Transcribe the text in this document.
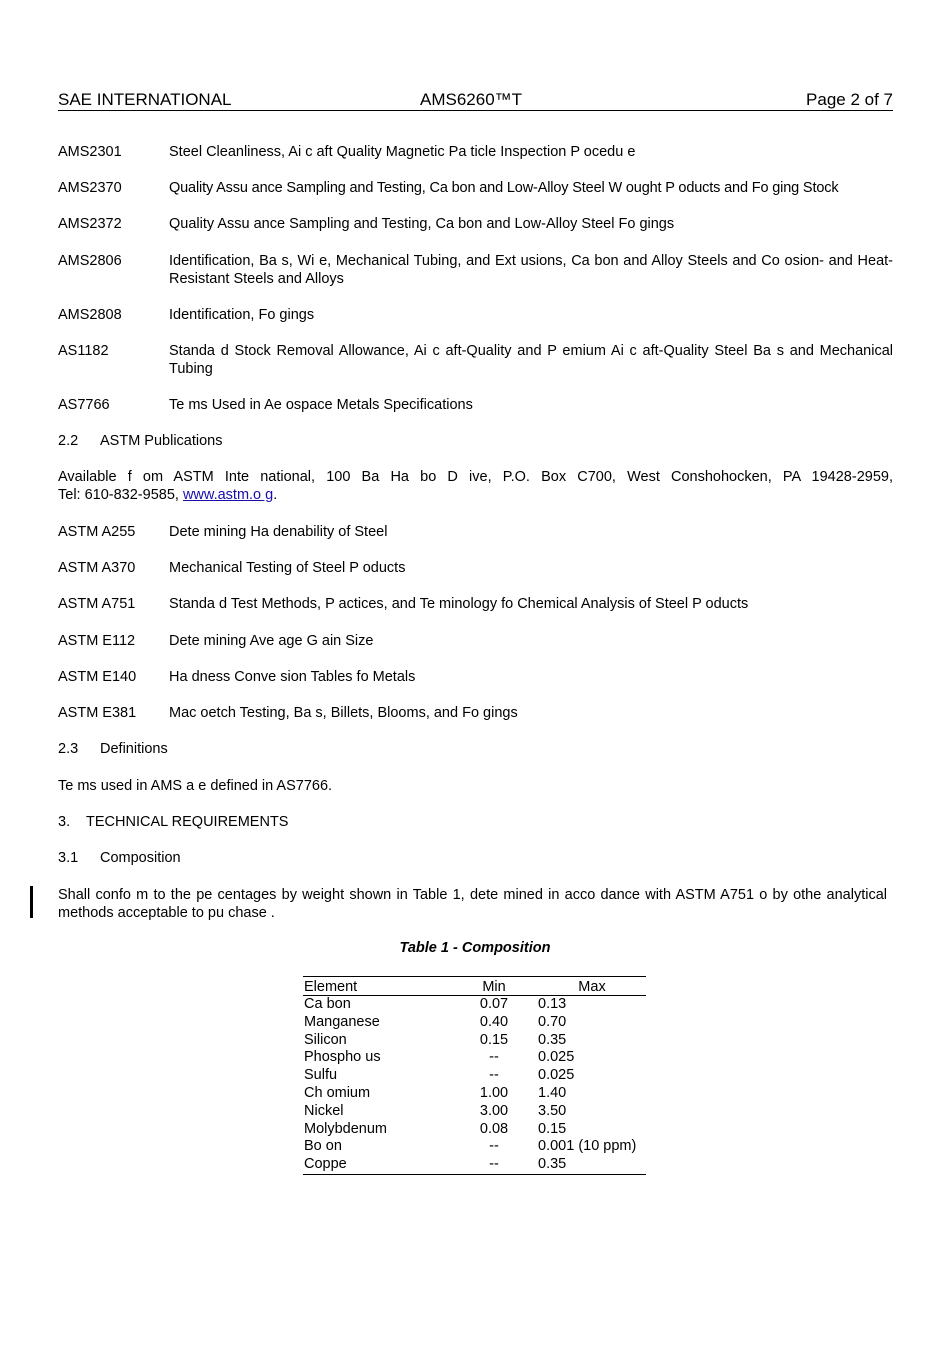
SAE INTERNATIONAL	AMS6260™T	Page 2 of 7
AMS2301	Steel Cleanliness, Ai c aft Quality Magnetic Pa ticle Inspection P ocedu e
AMS2370	Quality Assu ance Sampling and Testing, Ca bon and Low-Alloy Steel W ought P oducts and Fo ging Stock
AMS2372	Quality Assu ance Sampling and Testing, Ca bon and Low-Alloy Steel Fo gings
AMS2806	Identification, Ba s, Wi e, Mechanical Tubing, and Ext usions, Ca bon and Alloy Steels and Co osion- and Heat-Resistant Steels and Alloys
AMS2808	Identification, Fo gings
AS1182	Standa d Stock Removal Allowance, Ai c aft-Quality and P emium Ai c aft-Quality Steel Ba s and Mechanical Tubing
AS7766	Te ms Used in Ae ospace Metals Specifications
2.2 ASTM Publications
Available f om ASTM Inte national, 100 Ba Ha bo D ive, P.O. Box C700, West Conshohocken, PA 19428-2959,
Tel: 610-832-9585, www.astm.o g.
ASTM A255	Dete mining Ha denability of Steel
ASTM A370	Mechanical Testing of Steel P oducts
ASTM A751	Standa d Test Methods, P actices, and Te minology fo Chemical Analysis of Steel P oducts
ASTM E112	Dete mining Ave age G ain Size
ASTM E140	Ha dness Conve sion Tables fo Metals
ASTM E381	Mac oetch Testing, Ba s, Billets, Blooms, and Fo gings
2.3 Definitions
Te ms used in AMS a e defined in AS7766.
3. TECHNICAL REQUIREMENTS
3.1 Composition
Shall confo m to the pe centages by weight shown in Table 1, dete mined in acco dance with ASTM A751 o by othe analytical methods acceptable to pu chase .
Table 1 - Composition
Element	Min	Max
Ca bon	0.07	0.13
Manganese	0.40	0.70
Silicon	0.15	0.35
Phospho us	--	0.025
Sulfu	--	0.025
Ch omium	1.00	1.40
Nickel	3.00	3.50
Molybdenum	0.08	0.15
Bo on	--	0.001 (10 ppm)
Coppe	--	0.35
